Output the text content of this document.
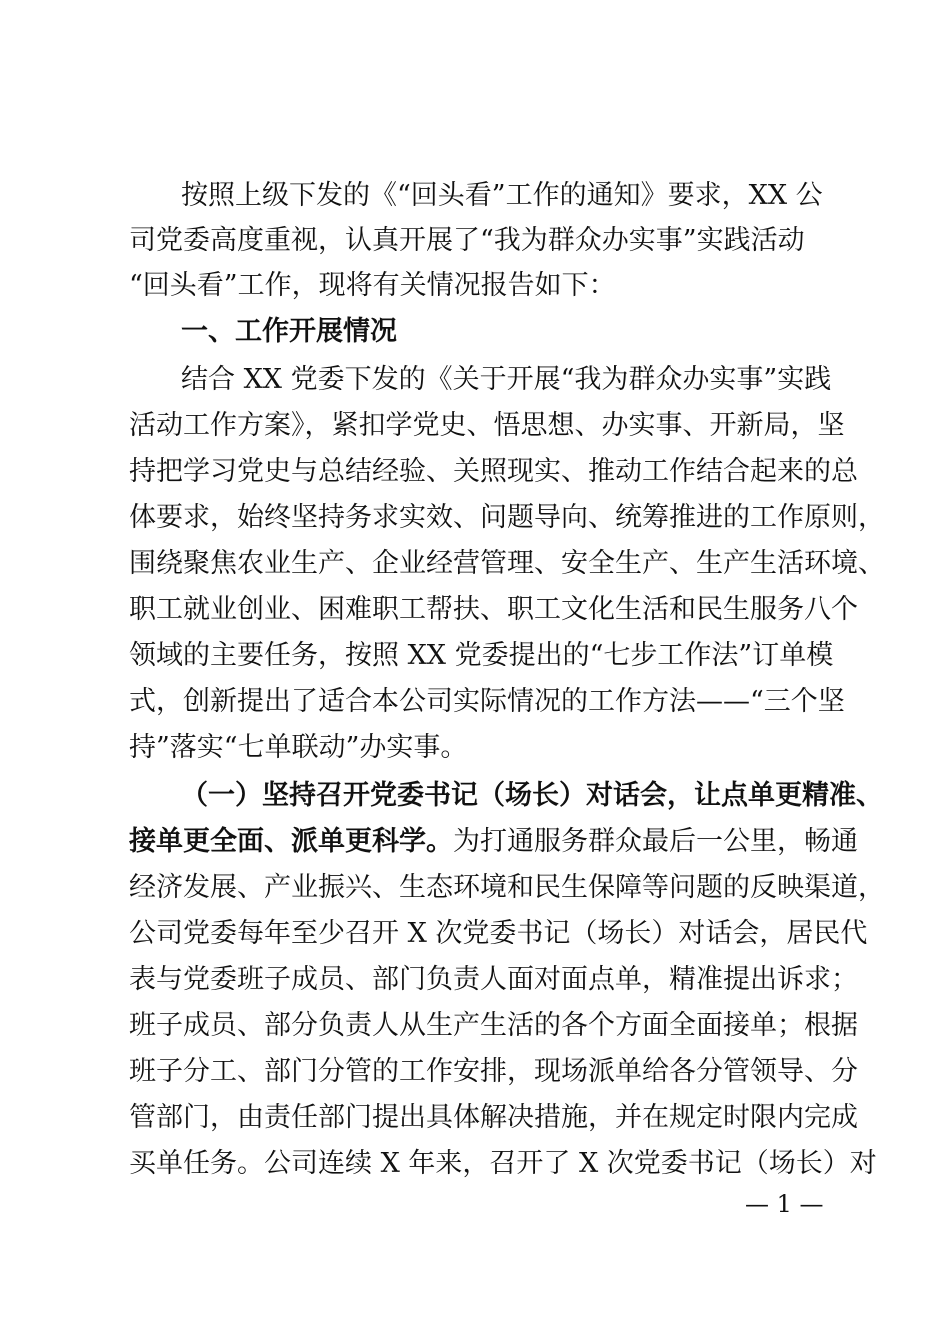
按照上级下发的《“回头看”工作的通知》要求，XX 公
司党委高度重视，认真开展了“我为群众办实事”实践活动
“回头看”工作，现将有关情况报告如下：
一、工作开展情况
结合 XX 党委下发的《关于开展“我为群众办实事”实践
活动工作方案》，紧扣学党史、悟思想、办实事、开新局，坚
持把学习党史与总结经验、关照现实、推动工作结合起来的总
体要求，始终坚持务求实效、问题导向、统筹推进的工作原则，
围绕聚焦农业生产、企业经营管理、安全生产、生产生活环境、
职工就业创业、困难职工帮扶、职工文化生活和民生服务八个
领域的主要任务，按照 XX 党委提出的“七步工作法”订单模
式，创新提出了适合本公司实际情况的工作方法——“三个坚
持”落实“七单联动”办实事。
（一）坚持召开党委书记（场长）对话会，让点单更精准、
接单更全面、派单更科学。为打通服务群众最后一公里，畅通
经济发展、产业振兴、生态环境和民生保障等问题的反映渠道，
公司党委每年至少召开 X 次党委书记（场长）对话会，居民代
表与党委班子成员、部门负责人面对面点单，精准提出诉求；
班子成员、部分负责人从生产生活的各个方面全面接单；根据
班子分工、部门分管的工作安排，现场派单给各分管领导、分
管部门，由责任部门提出具体解决措施，并在规定时限内完成
买单任务。公司连续 X 年来，召开了 X 次党委书记（场长）对
— 1 —
